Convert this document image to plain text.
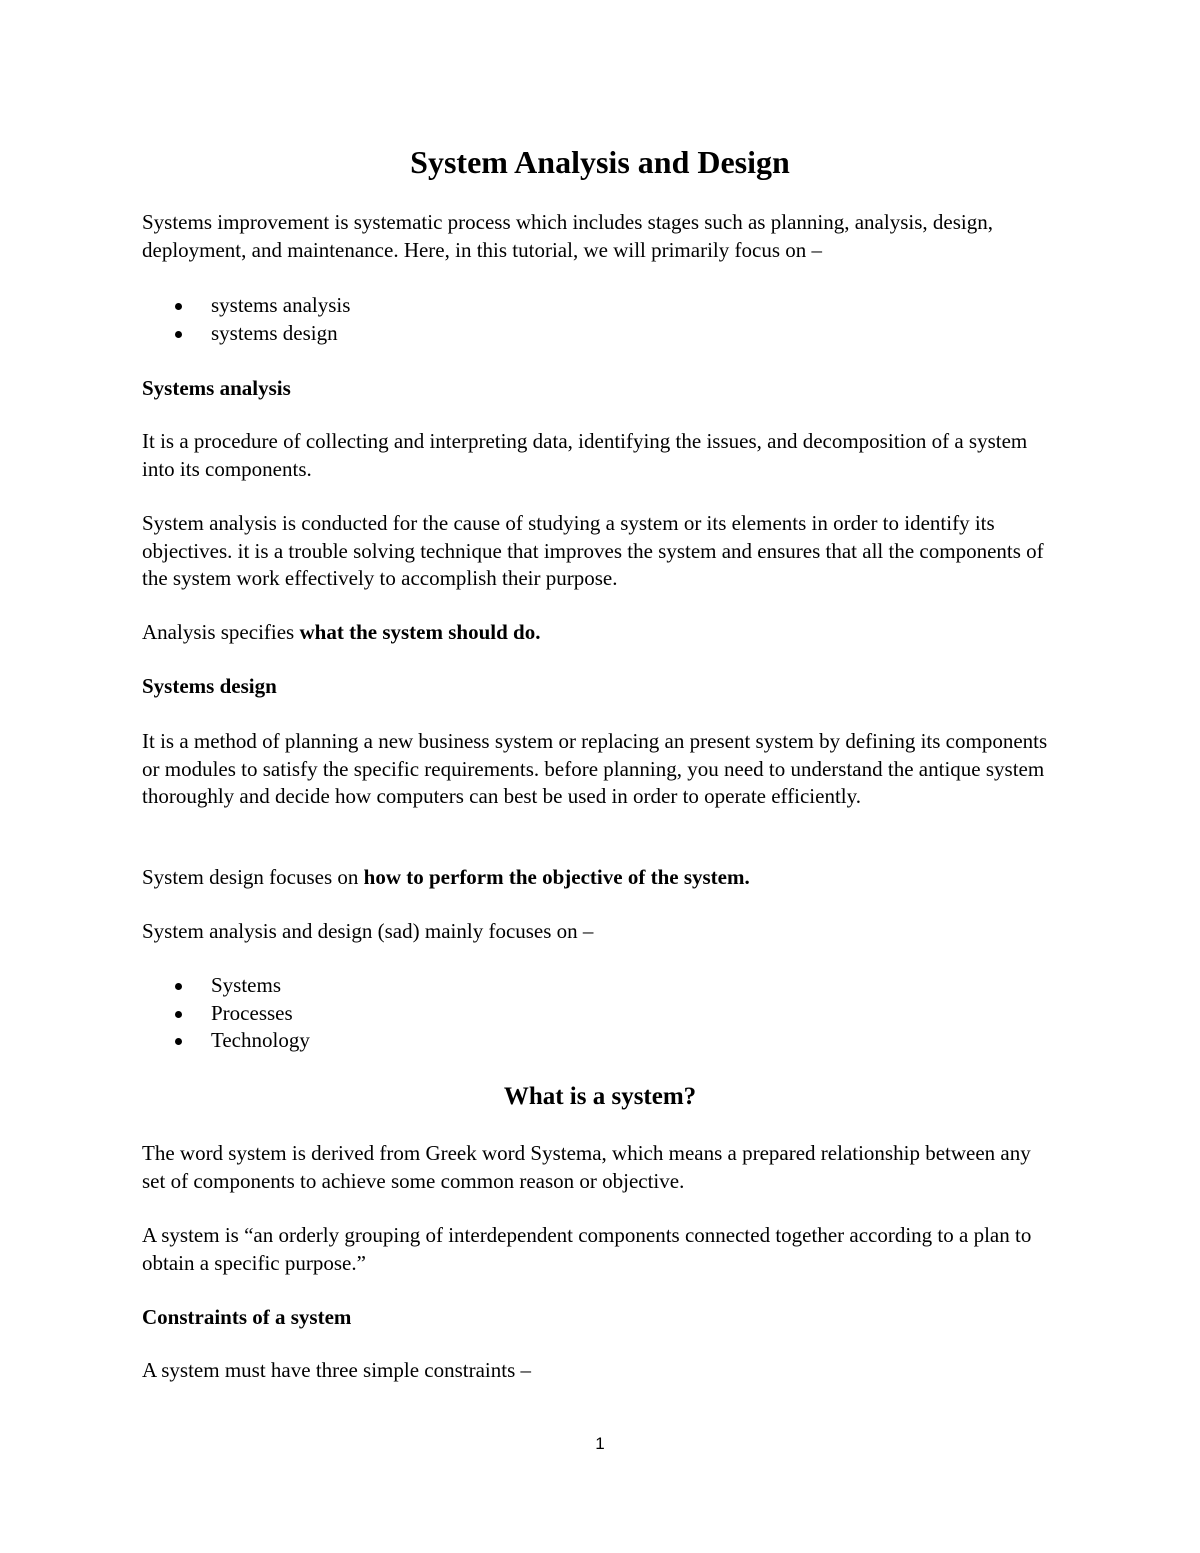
System Analysis and Design

Systems improvement is systematic process which includes stages such as planning, analysis, design, deployment, and maintenance. Here, in this tutorial, we will primarily focus on –

systems analysis
systems design

Systems analysis

It is a procedure of collecting and interpreting data, identifying the issues, and decomposition of a system into its components.

System analysis is conducted for the cause of studying a system or its elements in order to identify its objectives. it is a trouble solving technique that improves the system and ensures that all the components of the system work effectively to accomplish their purpose.

Analysis specifies what the system should do.

Systems design

It is a method of planning a new business system or replacing an present system by defining its components or modules to satisfy the specific requirements. before planning, you need to understand the antique system thoroughly and decide how computers can best be used in order to operate efficiently.

System design focuses on how to perform the objective of the system.

System analysis and design (sad) mainly focuses on –

Systems
Processes
Technology
What is a system?

The word system is derived from Greek word Systema, which means a prepared relationship between any set of components to achieve some common reason or objective.

A system is “an orderly grouping of interdependent components connected together according to a plan to obtain a specific purpose.”

Constraints of a system

A system must have three simple constraints –

1
